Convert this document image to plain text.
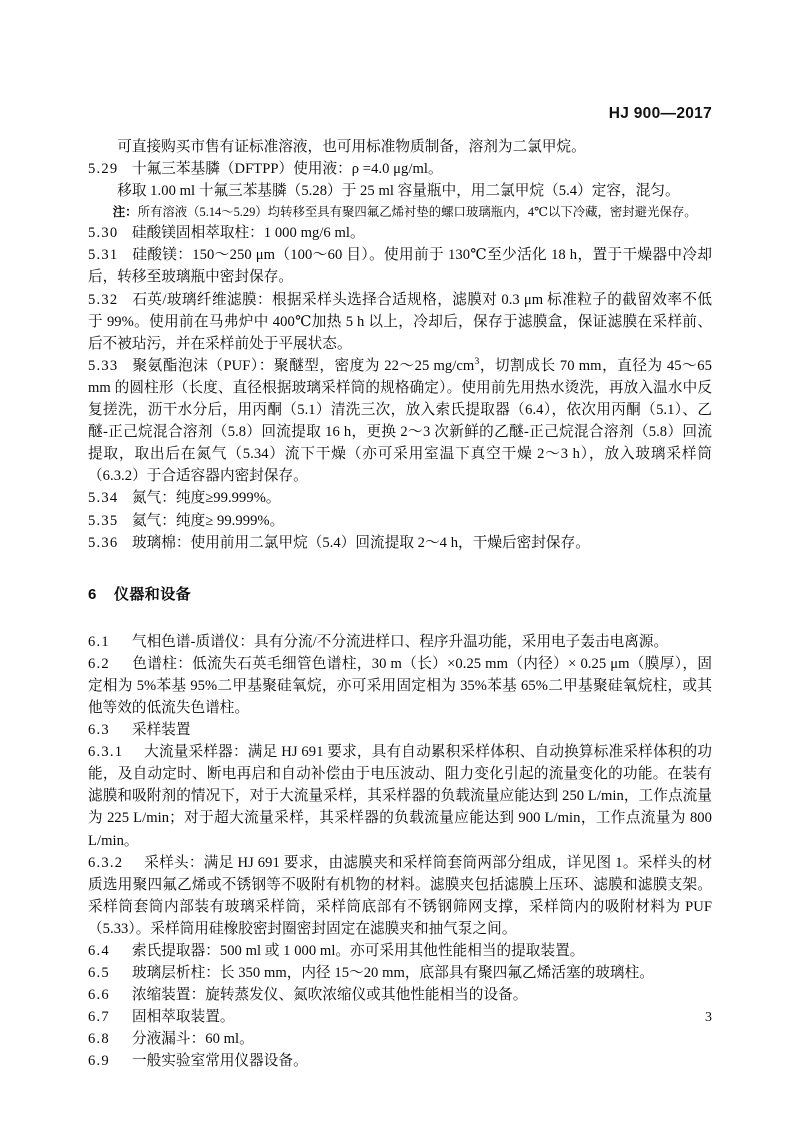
HJ 900—2017

可直接购买市售有证标准溶液，也可用标准物质制备，溶剂为二氯甲烷。

5.29 十氟三苯基膦（DFTPP）使用液：ρ =4.0 μg/ml。

移取 1.00 ml 十氟三苯基膦（5.28）于 25 ml 容量瓶中，用二氯甲烷（5.4）定容，混匀。

注：所有溶液（5.14～5.29）均转移至具有聚四氟乙烯衬垫的螺口玻璃瓶内，4℃以下冷藏，密封避光保存。

5.30 硅酸镁固相萃取柱：1 000 mg/6 ml。

5.31 硅酸镁：150～250 μm（100～60 目）。使用前于 130℃至少活化 18 h，置于干燥器中冷却后，转移至玻璃瓶中密封保存。

5.32 石英/玻璃纤维滤膜：根据采样头选择合适规格，滤膜对 0.3 μm 标准粒子的截留效率不低于 99%。使用前在马弗炉中 400℃加热 5 h 以上，冷却后，保存于滤膜盒，保证滤膜在采样前、后不被玷污，并在采样前处于平展状态。

5.33 聚氨酯泡沫（PUF）：聚醚型，密度为 22～25 $mg/cm^3$，切割成长 70 mm，直径为 45～65 mm 的圆柱形（长度、直径根据玻璃采样筒的规格确定）。使用前先用热水烫洗，再放入温水中反复搓洗，沥干水分后，用丙酮（5.1）清洗三次，放入索氏提取器（6.4），依次用丙酮（5.1）、乙醚-正己烷混合溶剂（5.8）回流提取 16 h，更换 2～3 次新鲜的乙醚-正己烷混合溶剂（5.8）回流提取，取出后在氮气（5.34）流下干燥（亦可采用室温下真空干燥 2～3 h），放入玻璃采样筒（6.3.2）于合适容器内密封保存。

5.34 氮气：纯度≥99.999%。

5.35 氦气：纯度≥ 99.999%。

5.36 玻璃棉：使用前用二氯甲烷（5.4）回流提取 2～4 h，干燥后密封保存。

6 仪器和设备

6.1 气相色谱-质谱仪：具有分流/不分流进样口、程序升温功能，采用电子轰击电离源。

6.2 色谱柱：低流失石英毛细管色谱柱，30 m（长）×0.25 mm（内径）× 0.25 μm（膜厚），固定相为 5%苯基 95%二甲基聚硅氧烷，亦可采用固定相为 35%苯基 65%二甲基聚硅氧烷柱，或其他等效的低流失色谱柱。

6.3 采样装置

6.3.1 大流量采样器：满足 HJ 691 要求，具有自动累积采样体积、自动换算标准采样体积的功能，及自动定时、断电再启和自动补偿由于电压波动、阻力变化引起的流量变化的功能。在装有滤膜和吸附剂的情况下，对于大流量采样，其采样器的负载流量应能达到 250 L/min，工作点流量为 225 L/min；对于超大流量采样，其采样器的负载流量应能达到 900 L/min，工作点流量为 800 L/min。

6.3.2 采样头：满足 HJ 691 要求，由滤膜夹和采样筒套筒两部分组成，详见图 1。采样头的材质选用聚四氟乙烯或不锈钢等不吸附有机物的材料。滤膜夹包括滤膜上压环、滤膜和滤膜支架。采样筒套筒内部装有玻璃采样筒，采样筒底部有不锈钢筛网支撑，采样筒内的吸附材料为 PUF（5.33）。采样筒用硅橡胶密封圈密封固定在滤膜夹和抽气泵之间。

6.4 索氏提取器：500 ml 或 1 000 ml。亦可采用其他性能相当的提取装置。

6.5 玻璃层析柱：长 350 mm，内径 15～20 mm，底部具有聚四氟乙烯活塞的玻璃柱。

6.6 浓缩装置：旋转蒸发仪、氮吹浓缩仪或其他性能相当的设备。

6.7 固相萃取装置。

6.8 分液漏斗：60 ml。

6.9 一般实验室常用仪器设备。

3
